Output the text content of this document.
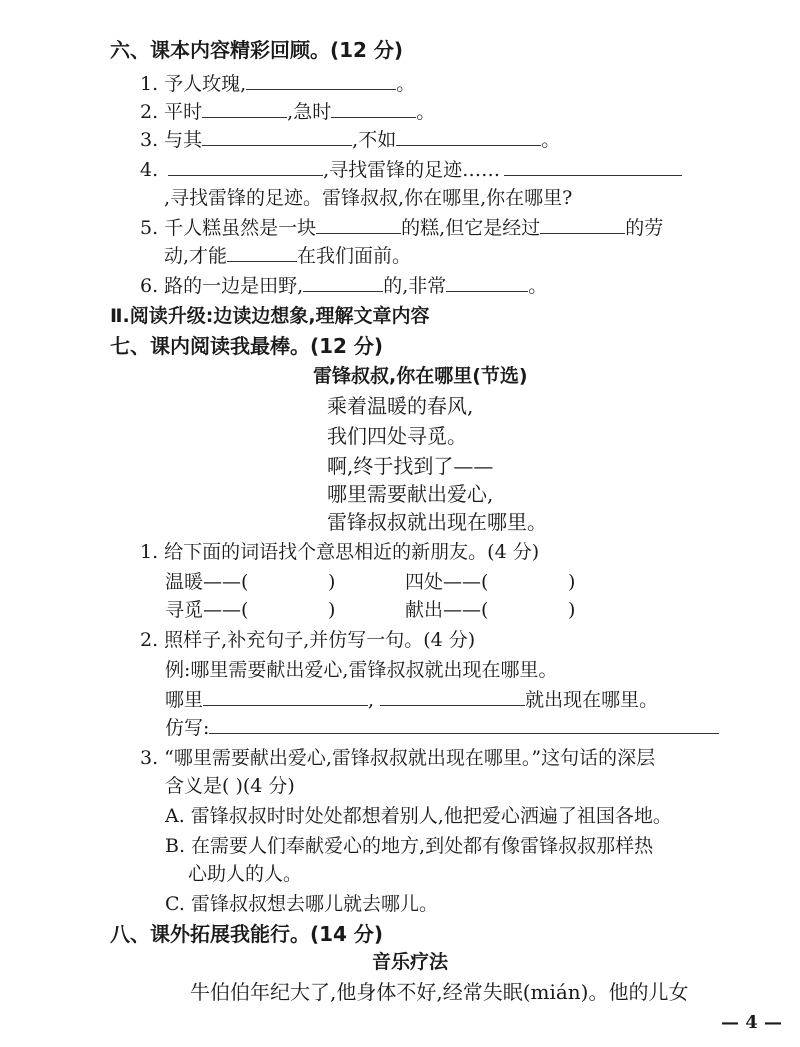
六、课本内容精彩回顾。(12 分)
1. 予人玫瑰,	。
2. 平时	,急时	。
3. 与其	,不如	。
4.	,寻找雷锋的足迹……
,寻找雷锋的足迹。雷锋叔叔,你在哪里,你在哪里?
5. 千人糕虽然是一块	的糕,但它是经过	的劳
动,才能	在我们面前。
6. 路的一边是田野,	的,非常	。
Ⅱ.阅读升级:边读边想象,理解文章内容
七、课内阅读我最棒。(12 分)
雷锋叔叔,你在哪里(节选)
乘着温暖的春风,
我们四处寻觅。
啊,终于找到了——
哪里需要献出爱心,
雷锋叔叔就出现在哪里。
1. 给下面的词语找个意思相近的新朋友。(4 分)
温暖——(	)	四处——(	)
寻觅——(	)	献出——(	)
2. 照样子,补充句子,并仿写一句。(4 分)
例:哪里需要献出爱心,雷锋叔叔就出现在哪里。
哪里	,	就出现在哪里。
仿写:
3. “哪里需要献出爱心,雷锋叔叔就出现在哪里。”这句话的深层
含义是( )(4 分)
A. 雷锋叔叔时时处处都想着别人,他把爱心洒遍了祖国各地。
B. 在需要人们奉献爱心的地方,到处都有像雷锋叔叔那样热
心助人的人。
C. 雷锋叔叔想去哪儿就去哪儿。
八、课外拓展我能行。(14 分)
音乐疗法
牛伯伯年纪大了,他身体不好,经常失眠(mián)。他的儿女
— 4 —
